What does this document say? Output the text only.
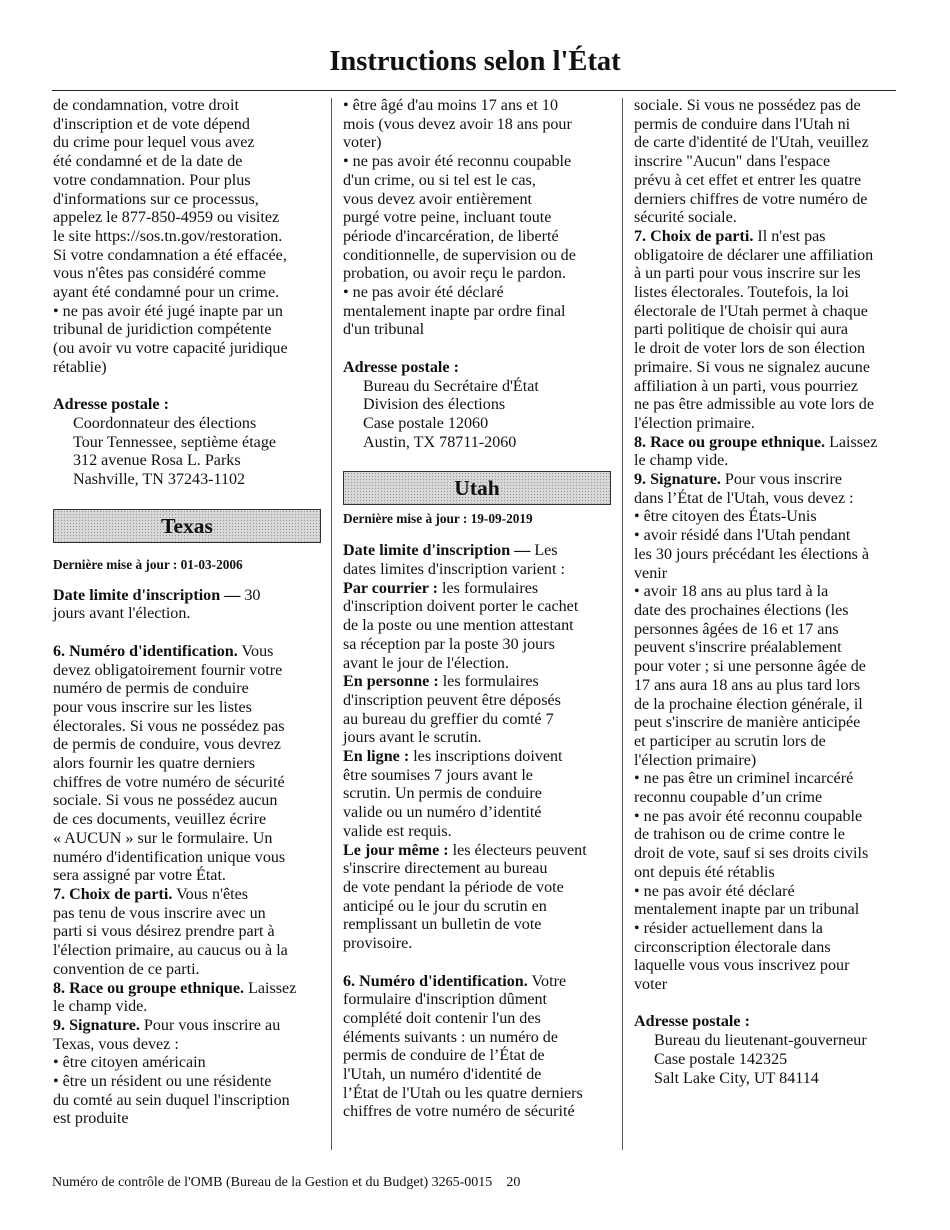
Instructions selon l'État

de condamnation, votre droit

d'inscription et de vote dépend

du crime pour lequel vous avez

été condamné et de la date de

votre condamnation. Pour plus

d'informations sur ce processus,

appelez le 877-850-4959 ou visitez

le site https://sos.tn.gov/restoration.

Si votre condamnation a été effacée,

vous n'êtes pas considéré comme

ayant été condamné pour un crime.

• ne pas avoir été jugé inapte par un

tribunal de juridiction compétente

(ou avoir vu votre capacité juridique

rétablie)

Adresse postale :

Coordonnateur des élections

Tour Tennessee, septième étage

312 avenue Rosa L. Parks

Nashville, TN 37243-1102

Texas

Dernière mise à jour : 01-03-2006

Date limite d'inscription — 30

jours avant l'élection.

6. Numéro d'identification. Vous

devez obligatoirement fournir votre

numéro de permis de conduire

pour vous inscrire sur les listes

électorales. Si vous ne possédez pas

de permis de conduire, vous devrez

alors fournir les quatre derniers

chiffres de votre numéro de sécurité

sociale. Si vous ne possédez aucun

de ces documents, veuillez écrire

« AUCUN » sur le formulaire. Un

numéro d'identification unique vous

sera assigné par votre État.

7. Choix de parti. Vous n'êtes

pas tenu de vous inscrire avec un

parti si vous désirez prendre part à

l'élection primaire, au caucus ou à la

convention de ce parti.

8. Race ou groupe ethnique. Laissez

le champ vide.

9. Signature. Pour vous inscrire au

Texas, vous devez :

• être citoyen américain

• être un résident ou une résidente

du comté au sein duquel l'inscription

est produite

• être âgé d'au moins 17 ans et 10

mois (vous devez avoir 18 ans pour

voter)

• ne pas avoir été reconnu coupable

d'un crime, ou si tel est le cas,

vous devez avoir entièrement

purgé votre peine, incluant toute

période d'incarcération, de liberté

conditionnelle, de supervision ou de

probation, ou avoir reçu le pardon.

• ne pas avoir été déclaré

mentalement inapte par ordre final

d'un tribunal

Adresse postale :

Bureau du Secrétaire d'État

Division des élections

Case postale 12060

Austin, TX 78711-2060

Utah

Dernière mise à jour : 19-09-2019

Date limite d'inscription — Les

dates limites d'inscription varient :

Par courrier : les formulaires

d'inscription doivent porter le cachet

de la poste ou une mention attestant

sa réception par la poste 30 jours

avant le jour de l'élection.

En personne : les formulaires

d'inscription peuvent être déposés

au bureau du greffier du comté 7

jours avant le scrutin.

En ligne : les inscriptions doivent

être soumises 7 jours avant le

scrutin. Un permis de conduire

valide ou un numéro d’identité

valide est requis.

Le jour même : les électeurs peuvent

s'inscrire directement au bureau

de vote pendant la période de vote

anticipé ou le jour du scrutin en

remplissant un bulletin de vote

provisoire.

6. Numéro d'identification. Votre

formulaire d'inscription dûment

complété doit contenir l'un des

éléments suivants : un numéro de

permis de conduire de l’État de

l'Utah, un numéro d'identité de

l’État de l'Utah ou les quatre derniers

chiffres de votre numéro de sécurité

sociale. Si vous ne possédez pas de

permis de conduire dans l'Utah ni

de carte d'identité de l'Utah, veuillez

inscrire "Aucun" dans l'espace

prévu à cet effet et entrer les quatre

derniers chiffres de votre numéro de

sécurité sociale.

7. Choix de parti. Il n'est pas

obligatoire de déclarer une affiliation

à un parti pour vous inscrire sur les

listes électorales. Toutefois, la loi

électorale de l'Utah permet à chaque

parti politique de choisir qui aura

le droit de voter lors de son élection

primaire. Si vous ne signalez aucune

affiliation à un parti, vous pourriez

ne pas être admissible au vote lors de

l'élection primaire.

8. Race ou groupe ethnique. Laissez

le champ vide.

9. Signature. Pour vous inscrire

dans l’État de l'Utah, vous devez :

• être citoyen des États-Unis

• avoir résidé dans l'Utah pendant

les 30 jours précédant les élections à

venir

• avoir 18 ans au plus tard à la

date des prochaines élections (les

personnes âgées de 16 et 17 ans

peuvent s'inscrire préalablement

pour voter ; si une personne âgée de

17 ans aura 18 ans au plus tard lors

de la prochaine élection générale, il

peut s'inscrire de manière anticipée

et participer au scrutin lors de

l'élection primaire)

• ne pas être un criminel incarcéré

reconnu coupable d’un crime

• ne pas avoir été reconnu coupable

de trahison ou de crime contre le

droit de vote, sauf si ses droits civils

ont depuis été rétablis

• ne pas avoir été déclaré

mentalement inapte par un tribunal

• résider actuellement dans la

circonscription électorale dans

laquelle vous vous inscrivez pour

voter

Adresse postale :

Bureau du lieutenant-gouverneur

Case postale 142325

Salt Lake City, UT 84114

Numéro de contrôle de l'OMB (Bureau de la Gestion et du Budget) 3265-0015 20
